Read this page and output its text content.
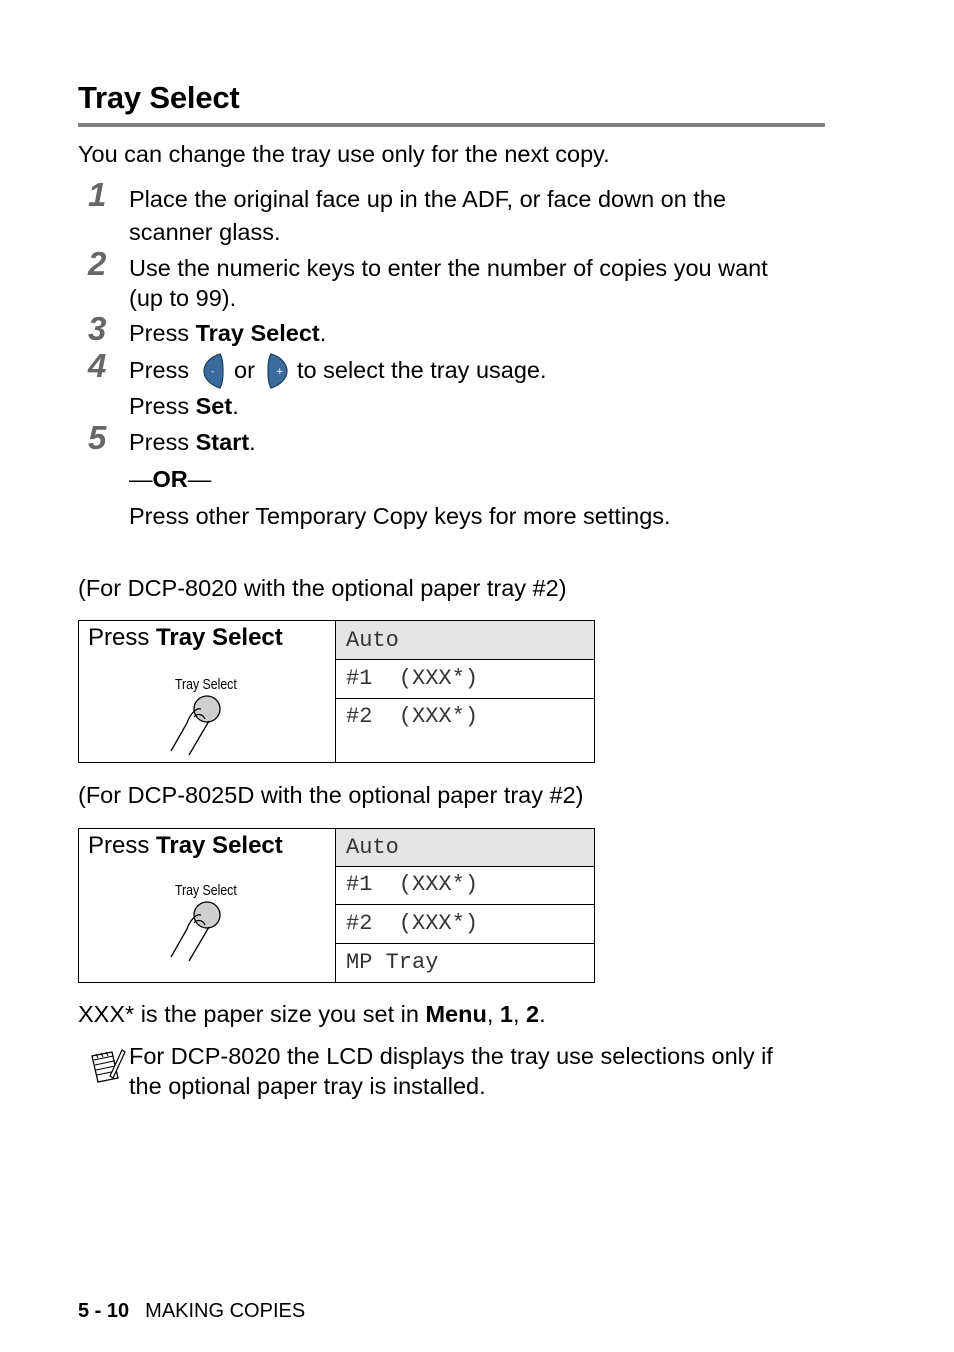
Tray Select
You can change the tray use only for the next copy.
1 Place the original face up in the ADF, or face down on the
scanner glass.
2 Use the numeric keys to enter the number of copies you want
(up to 99).
3 Press Tray Select.
4 Press - or + to select the tray usage.
Press Set.
5 Press Start.
—OR—
Press other Temporary Copy keys for more settings.
(For DCP-8020 with the optional paper tray #2)
Press Tray Select
Tray Select
Auto
#1  (XXX*)
#2  (XXX*)
(For DCP-8025D with the optional paper tray #2)
Press Tray Select
Tray Select
Auto
#1  (XXX*)
#2  (XXX*)
MP Tray
XXX* is the paper size you set in Menu, 1, 2.
For DCP-8020 the LCD displays the tray use selections only if
the optional paper tray is installed.
5 - 10 MAKING COPIES
